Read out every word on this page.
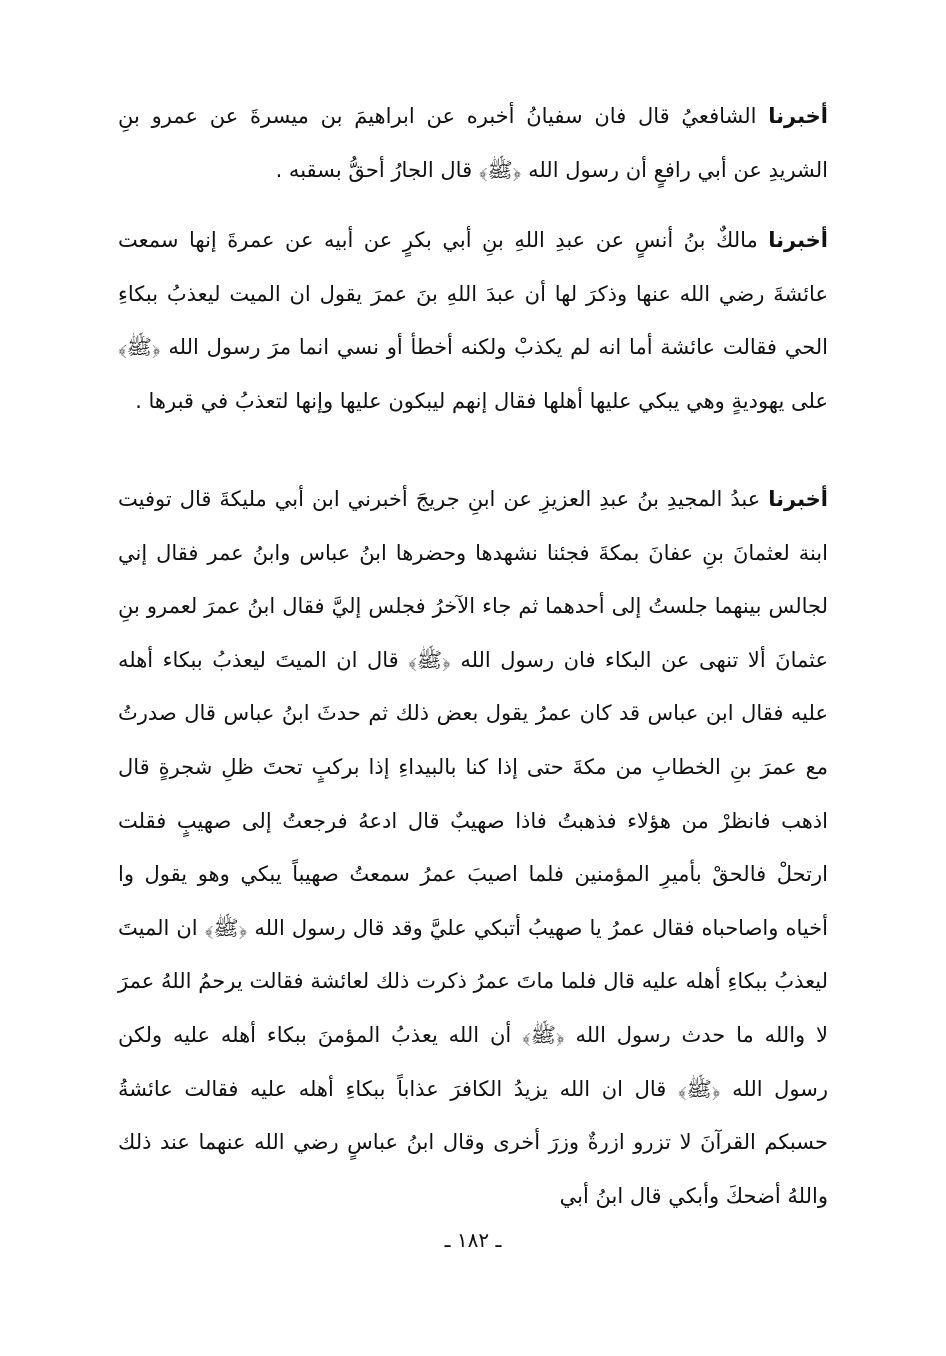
أخبرنا الشافعيُ قال فان سفيانُ أخبره عن ابراهيمَ بن ميسرةَ عن عمرو بنِ الشريدِ عن أبي رافعٍ أن رسول الله ﴿ﷺ﴾ قال الجارُ أحقُّ بسقبه .

أخبرنا مالكٌ بنُ أنسٍ عن عبدِ اللهِ بنِ أبي بكرٍ عن أبيه عن عمرةَ إنها سمعت عائشةَ رضي الله عنها وذكرَ لها أن عبدَ اللهِ بنَ عمرَ يقول ان الميت ليعذبُ ببكاءِ الحي فقالت عائشة أما انه لم يكذبْ ولكنه أخطأ أو نسي انما مرَ رسول الله ﴿ﷺ﴾ على يهوديةٍ وهي يبكي عليها أهلها فقال إنهم ليبكون عليها وإنها لتعذبُ في قبرها .

أخبرنا عبدُ المجيدِ بنُ عبدِ العزيزِ عن ابنِ جريجَ أخبرني ابن أبي مليكةَ قال توفيت ابنة لعثمانَ بنِ عفانَ بمكةَ فجئنا نشهدها وحضرها ابنُ عباس وابنُ عمر فقال إني لجالس بينهما جلستُ إلى أحدهما ثم جاء الآخرُ فجلس إليَّ فقال ابنُ عمرَ لعمرو بنِ عثمانَ ألا تنهى عن البكاء فان رسول الله ﴿ﷺ﴾ قال ان الميتَ ليعذبُ ببكاء أهله عليه فقال ابن عباس قد كان عمرُ يقول بعض ذلك ثم حدثَ ابنُ عباس قال صدرتُ مع عمرَ بنِ الخطابِ من مكةَ حتى إذا كنا بالبيداءِ إذا بركبٍ تحتَ ظلِ شجرةٍ قال اذهب فانظرْ من هؤلاء فذهبتُ فاذا صهيبٌ قال ادعهُ فرجعتُ إلى صهيبٍ فقلت ارتحلْ فالحقْ بأميرِ المؤمنين فلما اصيبَ عمرُ سمعتُ صهيباً يبكي وهو يقول وا أخياه واصاحباه فقال عمرُ يا صهيبُ أتبكي عليَّ وقد قال رسول الله ﴿ﷺ﴾ ان الميتَ ليعذبُ ببكاءِ أهله عليه قال فلما ماتَ عمرُ ذكرت ذلك لعائشة فقالت يرحمُ اللهُ عمرَ لا والله ما حدث رسول الله ﴿ﷺ﴾ أن الله يعذبُ المؤمنَ ببكاء أهله عليه ولكن رسول الله ﴿ﷺ﴾ قال ان الله يزيدُ الكافرَ عذاباً ببكاءِ أهله عليه فقالت عائشةُ حسبكم القرآنَ لا تزرو ازرةٌ وزرَ أخرى وقال ابنُ عباسٍ رضي الله عنهما عند ذلك واللهُ أضحكَ وأبكي قال ابنُ أبي

ـ ١٨٢ ـ
